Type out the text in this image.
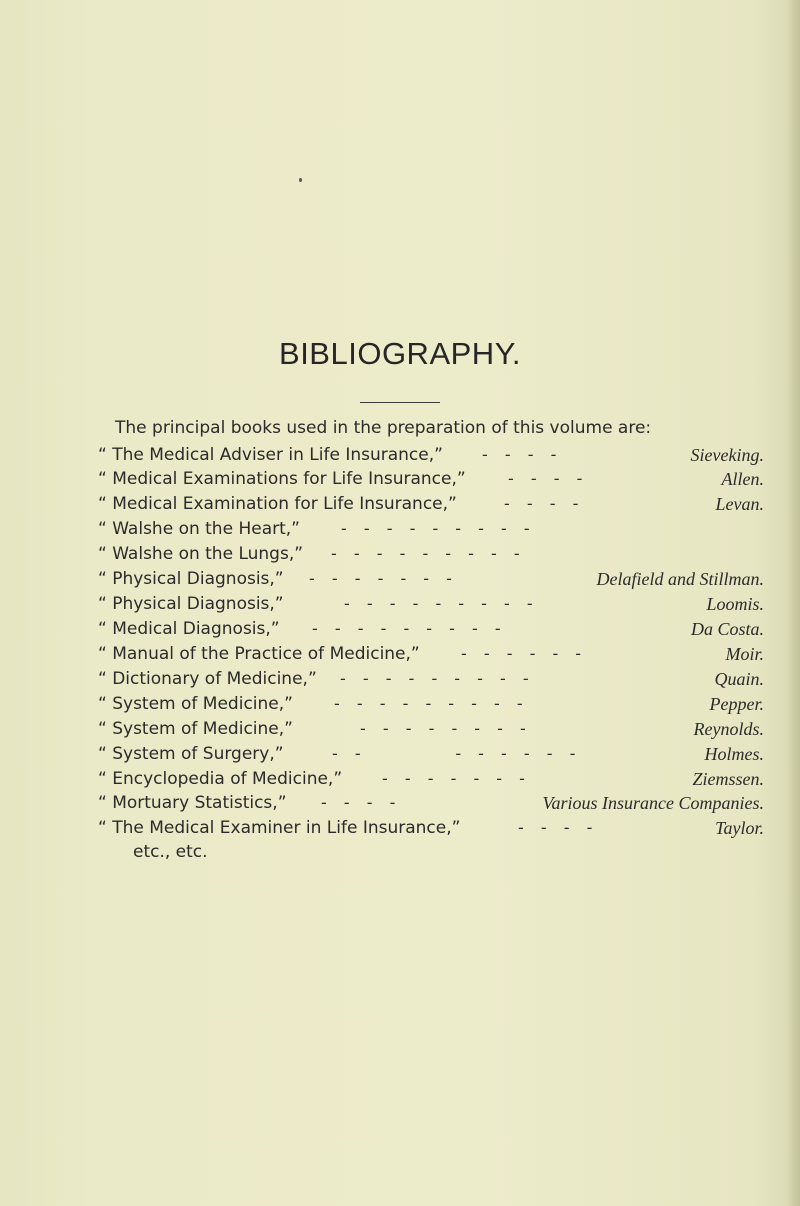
BIBLIOGRAPHY.
The principal books used in the preparation of this volume are:
“ The Medical Adviser in Life Insurance,” - - - -	Sieveking.
“ Medical Examinations for Life Insurance,”	- - - -	Allen.
“ Medical Examination for Life Insurance,”	- - - -	Levan.
“ Walshe on the Heart,”	- - - - - - - - -
“ Walshe on the Lungs,” - - - - - - - - -
“ Physical Diagnosis,” - - - - - - -	Delafield and Stillman.
“ Physical Diagnosis,”	- - - - - - - - -	Loomis.
“ Medical Diagnosis,” - - - - - - - - -	Da Costa.
“ Manual of the Practice of Medicine,”	- - - - - -	Moir.
“ Dictionary of Medicine,” - - - - - - - - -	Quain.
“ System of Medicine,”	- - - - - - - - -	Pepper.
“ System of Medicine,”	- - - - - - - -	Reynolds.
“ System of Surgery,”	- -        - - - - - -	Holmes.
“ Encyclopedia of Medicine,” - - - - - - -	Ziemssen.
“ Mortuary Statistics,” - - - -	Various Insurance Companies.
“ The Medical Examiner in Life Insurance,”	- - - -	Taylor.
etc., etc.
